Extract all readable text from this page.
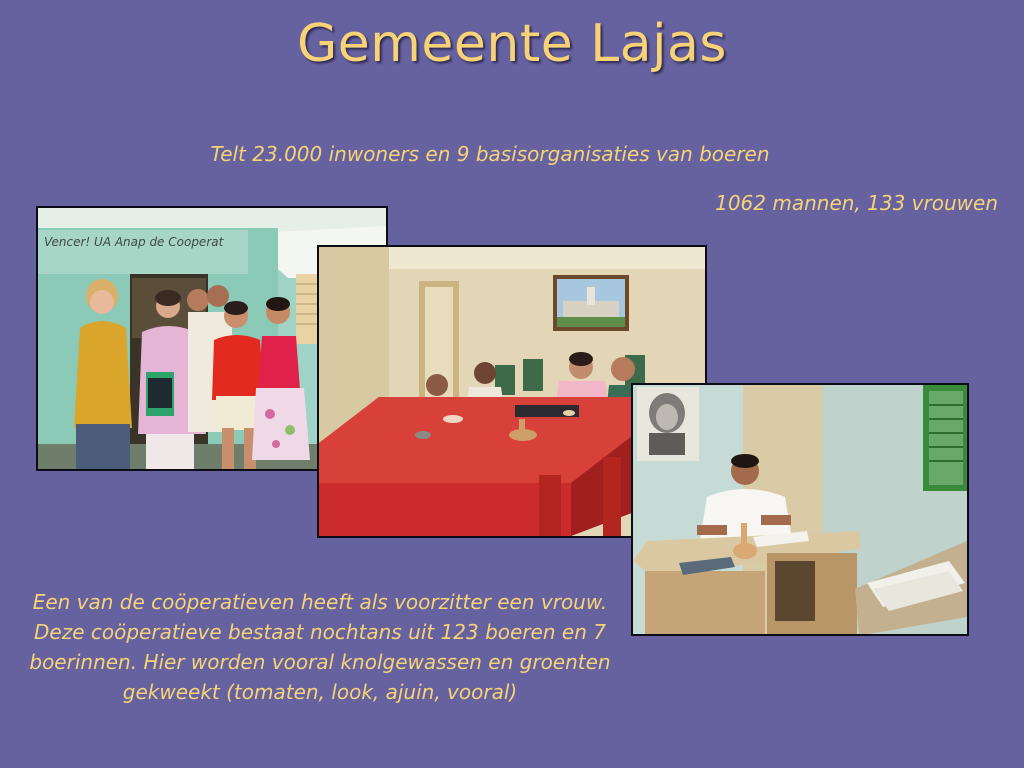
Gemeente Lajas
Telt 23.000 inwoners en 9 basisorganisaties van boeren
1062 mannen, 133 vrouwen
Vencer! UA Anap de Cooperat
Een van de coöperatieven heeft als voorzitter een vrouw. Deze coöperatieve bestaat nochtans uit 123 boeren en 7 boerinnen. Hier worden vooral knolgewassen en groenten gekweekt (tomaten, look, ajuin, vooral)
